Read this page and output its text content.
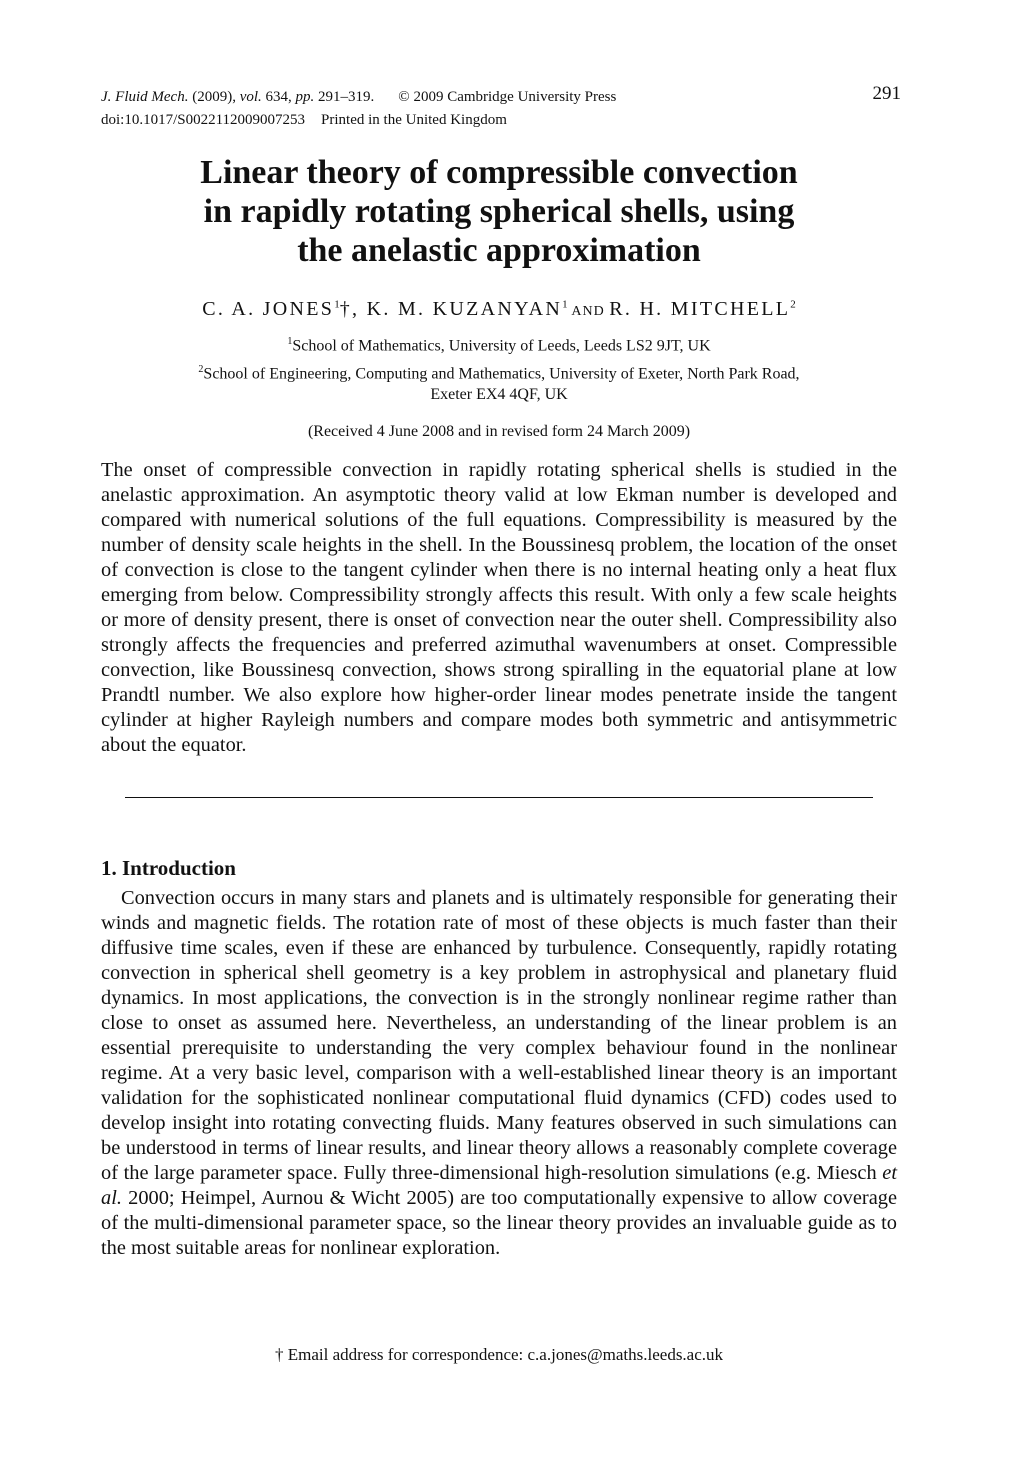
J. Fluid Mech. (2009), vol. 634, pp. 291–319. © 2009 Cambridge University Press
doi:10.1017/S0022112009007253 Printed in the United Kingdom
291
Linear theory of compressible convection
in rapidly rotating spherical shells, using
the anelastic approximation
C. A. JONES$^1$†, K. M. KUZANYAN$^1$ AND R. H. MITCHELL$^2$
$^1$School of Mathematics, University of Leeds, Leeds LS2 9JT, UK
$^2$School of Engineering, Computing and Mathematics, University of Exeter, North Park Road,
Exeter EX4 4QF, UK
(Received 4 June 2008 and in revised form 24 March 2009)
The onset of compressible convection in rapidly rotating spherical shells is studied in the anelastic approximation. An asymptotic theory valid at low Ekman number is developed and compared with numerical solutions of the full equations. Compressibility is measured by the number of density scale heights in the shell. In the Boussinesq problem, the location of the onset of convection is close to the tangent cylinder when there is no internal heating only a heat flux emerging from below. Compressibility strongly affects this result. With only a few scale heights or more of density present, there is onset of convection near the outer shell. Compressibility also strongly affects the frequencies and preferred azimuthal wavenumbers at onset. Compressible convection, like Boussinesq convection, shows strong spiralling in the equatorial plane at low Prandtl number. We also explore how higher-order linear modes penetrate inside the tangent cylinder at higher Rayleigh numbers and compare modes both symmetric and antisymmetric about the equator.
1. Introduction
Convection occurs in many stars and planets and is ultimately responsible for generating their winds and magnetic fields. The rotation rate of most of these objects is much faster than their diffusive time scales, even if these are enhanced by turbulence. Consequently, rapidly rotating convection in spherical shell geometry is a key problem in astrophysical and planetary fluid dynamics. In most applications, the convection is in the strongly nonlinear regime rather than close to onset as assumed here. Nevertheless, an understanding of the linear problem is an essential prerequisite to understanding the very complex behaviour found in the nonlinear regime. At a very basic level, comparison with a well-established linear theory is an important validation for the sophisticated nonlinear computational fluid dynamics (CFD) codes used to develop insight into rotating convecting fluids. Many features observed in such simulations can be understood in terms of linear results, and linear theory allows a reasonably complete coverage of the large parameter space. Fully three-dimensional high-resolution simulations (e.g. Miesch et al. 2000; Heimpel, Aurnou & Wicht 2005) are too computationally expensive to allow coverage of the multi-dimensional parameter space, so the linear theory provides an invaluable guide as to the most suitable areas for nonlinear exploration.
† Email address for correspondence: c.a.jones@maths.leeds.ac.uk
